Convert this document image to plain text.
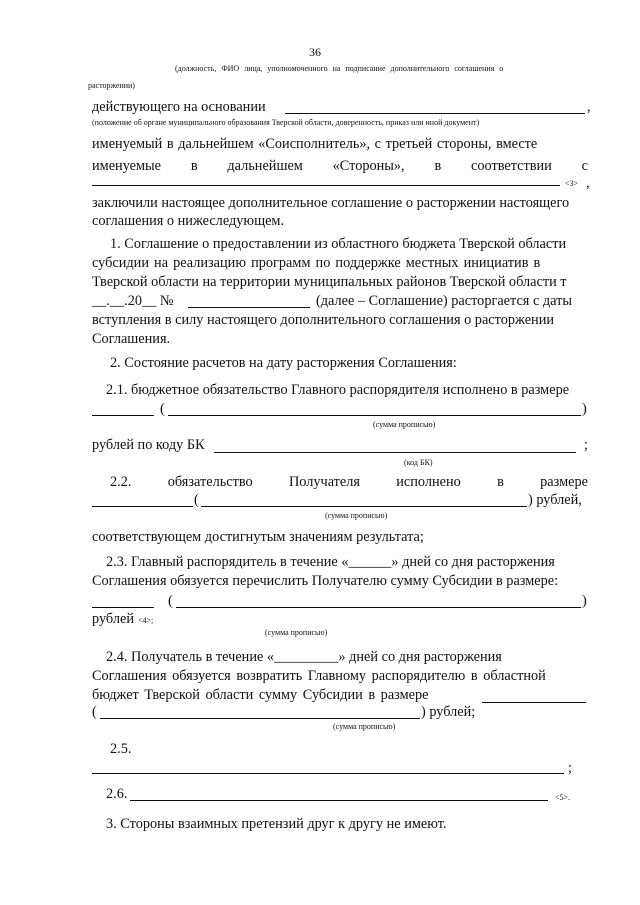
36
(должность, ФИО лица, уполномоченного на подписание дополнительного соглашения о
расторжении)
действующего на основании	,
(положение об органе муниципального образования Тверской области, доверенность, приказ или иной документ)
именуемый в дальнейшем «Соисполнитель», с третьей стороны, вместе
именуемые в дальнейшем «Стороны», в соответствии с
<3> ,
заключили настоящее дополнительное соглашение о расторжении настоящего
соглашения о нижеследующем.
1. Соглашение о предоставлении из областного бюджета Тверской области
субсидии на реализацию программ по поддержке местных инициатив в
Тверской области на территории муниципальных районов Тверской области т
__.__.20__ №	(далее – Соглашение) расторгается с даты
вступления в силу настоящего дополнительного соглашения о расторжении
Соглашения.
2. Состояние расчетов на дату расторжения Соглашения:
2.1. бюджетное обязательство Главного распорядителя исполнено в размере
(	)
(сумма прописью)
рублей по коду БК	;
(код БК)
2.2.	обязательство	Получателя	исполнено	в	размере
(	) рублей,
(сумма прописью)
соответствующем достигнутым значениям результата;
2.3. Главный распорядитель в течение «______» дней со дня расторжения
Соглашения обязуется перечислить Получателю сумму Субсидии в размере:
(	)
рублей <4>;
(сумма прописью)
2.4. Получатель в течение «_________» дней со дня расторжения
Соглашения обязуется возвратить Главному распорядителю в областной
бюджет Тверской области сумму Субсидии в размере
(	) рублей;
(сумма прописью)
2.5.
;
2.6.	<5>.
3. Стороны взаимных претензий друг к другу не имеют.
